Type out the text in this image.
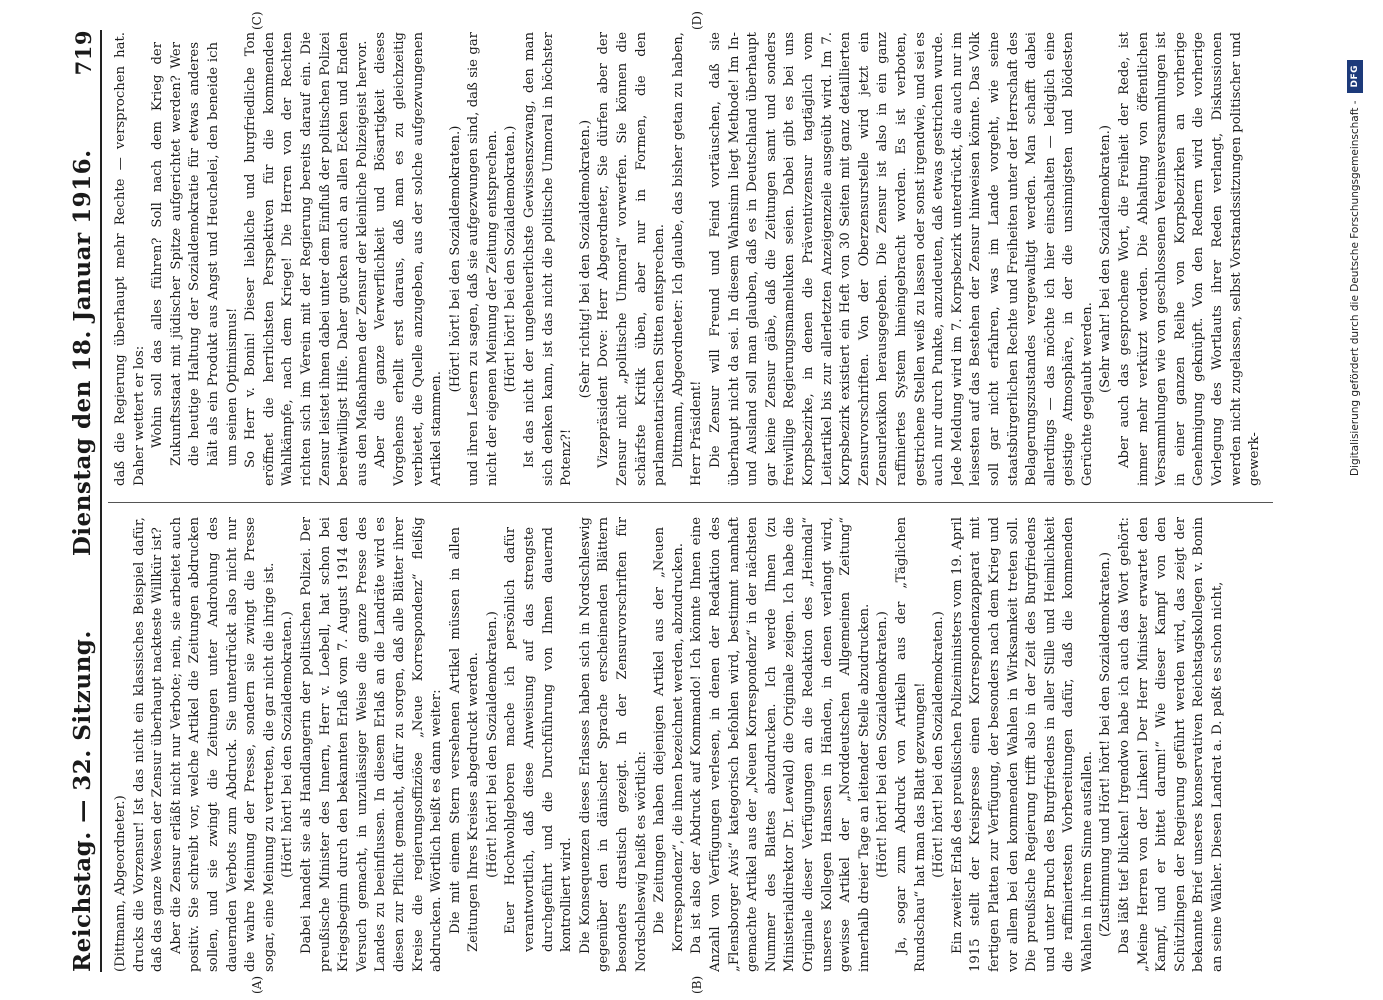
Reichstag. — 32. Sitzung.
Dienstag den 18. Januar 1916.
719
(A)	(B)
(C)	(D)

(Dittmann, Abgeordneter.) drucks die Vorzensur! Ist das nicht ein klassisches Beispiel dafür, daß das ganze Wesen der Zensur überhaupt nackteste Willkür ist? Aber die Zensur erläßt nicht nur Verbote; nein, sie arbeitet auch positiv. Sie schreibt vor, welche Artikel die Zeitungen abdrucken sollen, und sie zwingt die Zeitungen unter Androhung des dauernden Verbots zum Abdruck. Sie unterdrückt also nicht nur die wahre Meinung der Presse, sondern sie zwingt die Presse sogar, eine Meinung zu vertreten, die gar nicht die ihrige ist. (Hört! hört! bei den Sozialdemokraten.) Dabei handelt sie als Handlangerin der politischen Polizei. Der preußische Minister des Innern, Herr v. Loebell, hat schon bei Kriegsbeginn durch den bekannten Erlaß vom 7. August 1914 den Versuch gemacht, in unzulässiger Weise die ganze Presse des Landes zu beeinflussen. In diesem Erlaß an die Landräte wird es diesen zur Pflicht gemacht, dafür zu sorgen, daß alle Blätter ihrer Kreise die regierungsoffiziöse „Neue Korrespondenz“ fleißig abdrucken. Wörtlich heißt es dann weiter: Die mit einem Stern versehenen Artikel müssen in allen Zeitungen Ihres Kreises abgedruckt werden. (Hört! hört! bei den Sozialdemokraten.) Euer Hochwohlgeboren mache ich persönlich dafür verantwortlich, daß diese Anweisung auf das strengste durchgeführt und die Durchführung von Ihnen dauernd kontrolliert wird. Die Konsequenzen dieses Erlasses haben sich in Nordschleswig gegenüber den in dänischer Sprache erscheinenden Blättern besonders drastisch gezeigt. In der Zensurvorschriften für Nordschleswig heißt es wörtlich: Die Zeitungen haben diejenigen Artikel aus der „Neuen Korrespondenz“, die ihnen bezeichnet werden, abzudrucken. Da ist also der Abdruck auf Kommando! Ich könnte Ihnen eine Anzahl von Verfügungen verlesen, in denen der Redaktion des „Flensborger Avis“ kategorisch befohlen wird, bestimmt namhaft gemachte Artikel aus der „Neuen Korrespondenz“ in der nächsten Nummer des Blattes abzudrucken. Ich werde Ihnen (zu Ministerialdirektor Dr. Lewald) die Originale zeigen. Ich habe die Originale dieser Verfügungen an die Redaktion des „Heimdal“ unseres Kollegen Hanssen in Händen, in denen verlangt wird, gewisse Artikel der „Norddeutschen Allgemeinen Zeitung“ innerhalb dreier Tage an leitender Stelle abzudrucken. (Hört! hört! bei den Sozialdemokraten.) Ja, sogar zum Abdruck von Artikeln aus der „Täglichen Rundschau“ hat man das Blatt gezwungen! (Hört! hört! bei den Sozialdemokraten.) Ein zweiter Erlaß des preußischen Polizeiministers vom 19. April 1915 stellt der Kreispresse einen Korrespondenzapparat mit fertigen Platten zur Verfügung, der besonders nach dem Krieg und vor allem bei den kommenden Wahlen in Wirksamkeit treten soll. Die preußische Regierung trifft also in der Zeit des Burgfriedens und unter Bruch des Burgfriedens in aller Stille und Heimlichkeit die raffiniertesten Vorbereitungen dafür, daß die kommenden Wahlen in ihrem Sinne ausfallen. (Zustimmung und Hört! hört! bei den Sozialdemokraten.) Das läßt tief blicken! Irgendwo habe ich auch das Wort gehört: „Meine Herren von der Linken! Der Herr Minister erwartet den Kampf, und er bittet darum!“ Wie dieser Kampf von den Schützlingen der Regierung geführt werden wird, das zeigt der bekannte Brief unseres konservativen Reichstagskollegen v. Bonin an seine Wähler. Diesen Landrat a. D. paßt es schon nicht,

daß die Regierung überhaupt mehr Rechte — versprochen hat. Daher wettert er los: Wohin soll das alles führen? Soll nach dem Krieg der Zukunftsstaat mit jüdischer Spitze aufgerichtet werden? Wer die heutige Haltung der Sozialdemokratie für etwas anderes hält als ein Produkt aus Angst und Heuchelei, den beneide ich um seinen Optimismus! So Herr v. Bonin! Dieser liebliche und burgfriedliche Ton eröffnet die herrlichsten Perspektiven für die kommenden Wahlkämpfe, nach dem Kriege! Die Herren von der Rechten richten sich im Verein mit der Regierung bereits darauf ein. Die Zensur leistet ihnen dabei unter dem Einfluß der politischen Polizei bereitwilligst Hilfe. Daher gucken auch an allen Ecken und Enden aus den Maßnahmen der Zensur der kleinliche Polizeigeist hervor. Aber die ganze Verwerflichkeit und Bösartigkeit dieses Vorgehens erhellt erst daraus, daß man es zu gleichzeitig verbietet, die Quelle anzugeben, aus der solche aufgezwungenen Artikel stammen.

(Hört! hört! bei den Sozialdemokraten.) und ihren Lesern zu sagen, daß sie aufgezwungen sind, daß sie gar nicht der eigenen Meinung der Zeitung entsprechen. (Hört! hört! bei den Sozialdemokraten.) Ist das nicht der ungeheuerlichste Gewissenszwang, den man sich denken kann, ist das nicht die politische Unmoral in höchster Potenz?!

(Sehr richtig! bei den Sozialdemokraten.) Vizepräsident Dove: Herr Abgeordneter, Sie dürfen aber der Zensur nicht „politische Unmoral“ vorwerfen. Sie können die schärfste Kritik üben, aber nur in Formen, die den parlamentarischen Sitten entsprechen. Dittmann, Abgeordneter: Ich glaube, das bisher getan zu haben, Herr Präsident! Die Zensur will Freund und Feind vortäuschen, daß sie überhaupt nicht da sei. In diesem Wahnsinn liegt Methode! Im In- und Ausland soll man glauben, daß es in Deutschland überhaupt gar keine Zensur gäbe, daß die Zeitungen samt und sonders freiwillige Regierungsmameluken seien. Dabei gibt es bei uns Korpsbezirke, in denen die Präventivzensur tagtäglich vom Leitartikel bis zur allerletzten Anzeigenzeile ausgeübt wird. Im 7. Korpsbezirk existiert ein Heft von 30 Seiten mit ganz detaillierten Zensurvorschriften. Von der Oberzensurstelle wird jetzt ein Zensurlexikon herausgegeben. Die Zensur ist also in ein ganz raffiniertes System hineingebracht worden. Es ist verboten, gestrichene Stellen weiß zu lassen oder sonst irgendwie, und sei es auch nur durch Punkte, anzudeuten, daß etwas gestrichen wurde. Jede Meldung wird im 7. Korpsbezirk unterdrückt, die auch nur im leisesten auf das Bestehen der Zensur hinweisen könnte. Das Volk soll gar nicht erfahren, was im Lande vorgeht, wie seine staatsbürgerlichen Rechte und Freiheiten unter der Herrschaft des Belagerungszustandes vergewaltigt werden. Man schafft dabei allerdings — das möchte ich hier einschalten — lediglich eine geistige Atmosphäre, in der die unsinnigsten und blödesten Gerüchte geglaubt werden.

(Sehr wahr! bei den Sozialdemokraten.) Aber auch das gesprochene Wort, die Freiheit der Rede, ist immer mehr verkürzt worden. Die Abhaltung von öffentlichen Versammlungen wie von geschlossenen Vereinsversammlungen ist in einer ganzen Reihe von Korpsbezirken an vorherige Genehmigung geknüpft. Von den Rednern wird die vorherige Vorlegung des Wortlauts ihrer Reden verlangt, Diskussionen werden nicht zugelassen, selbst Vorstandssitzungen politischer und gewerk-	Digitalisierung gefördert durch die Deutsche Forschungsgemeinschaft -
DFG
